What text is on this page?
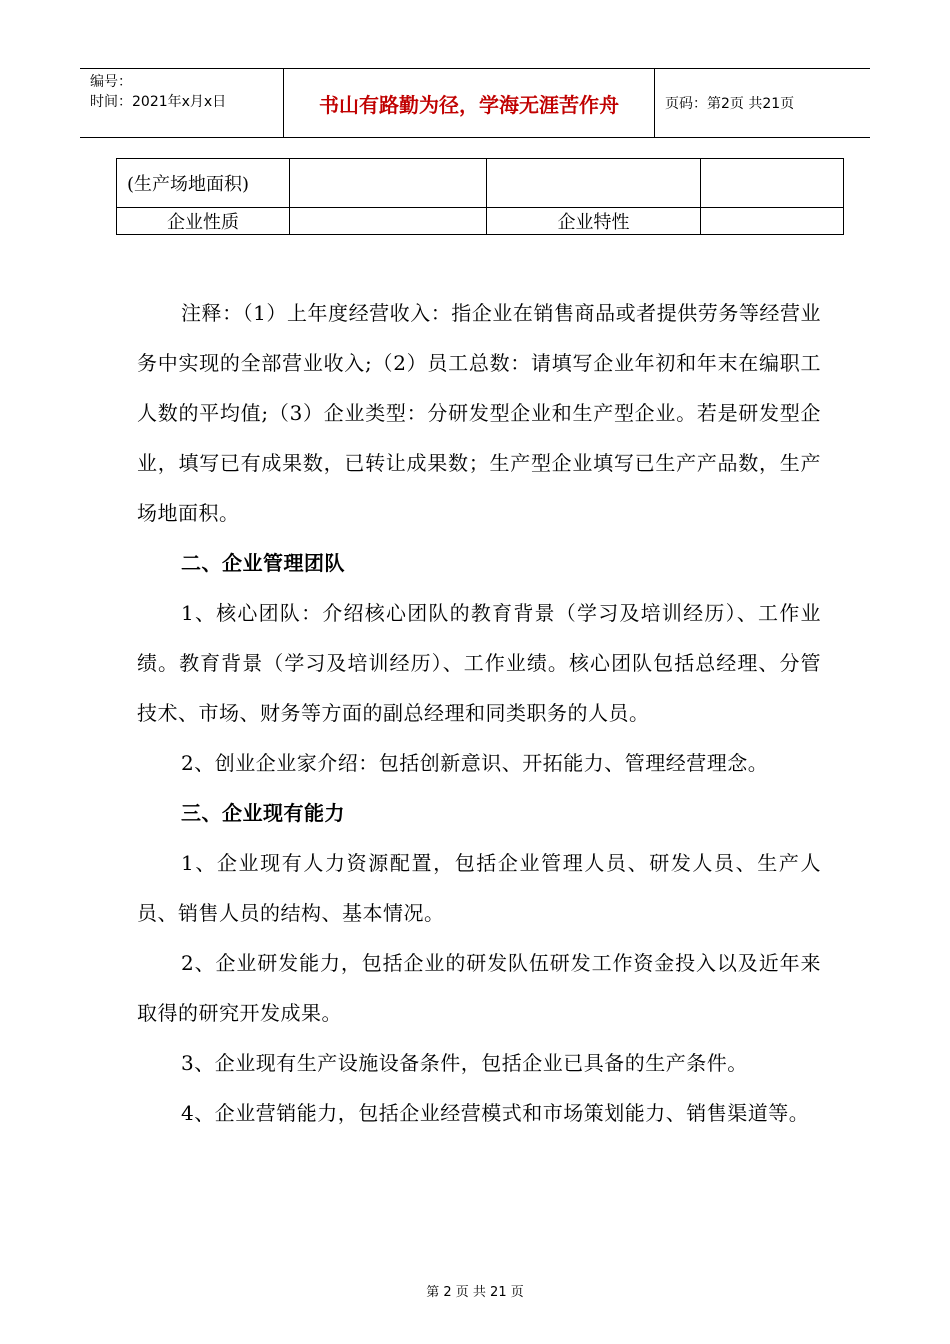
编号：
时间：2021年x月x日	书山有路勤为径，学海无涯苦作舟	页码：第2页 共21页
(生产场地面积)			
企业性质		企业特性	

注释：（1）上年度经营收入：指企业在销售商品或者提供劳务等经营业务中实现的全部营业收入;（2）员工总数：请填写企业年初和年末在编职工人数的平均值;（3）企业类型：分研发型企业和生产型企业。若是研发型企业，填写已有成果数，已转让成果数；生产型企业填写已生产产品数，生产场地面积。

二、企业管理团队

1、核心团队：介绍核心团队的教育背景（学习及培训经历）、工作业绩。教育背景（学习及培训经历）、工作业绩。核心团队包括总经理、分管技术、市场、财务等方面的副总经理和同类职务的人员。

2、创业企业家介绍：包括创新意识、开拓能力、管理经营理念。

三、企业现有能力

1、企业现有人力资源配置，包括企业管理人员、研发人员、生产人员、销售人员的结构、基本情况。

2、企业研发能力，包括企业的研发队伍研发工作资金投入以及近年来取得的研究开发成果。

3、企业现有生产设施设备条件，包括企业已具备的生产条件。

4、企业营销能力，包括企业经营模式和市场策划能力、销售渠道等。

第 2 页 共 21 页
